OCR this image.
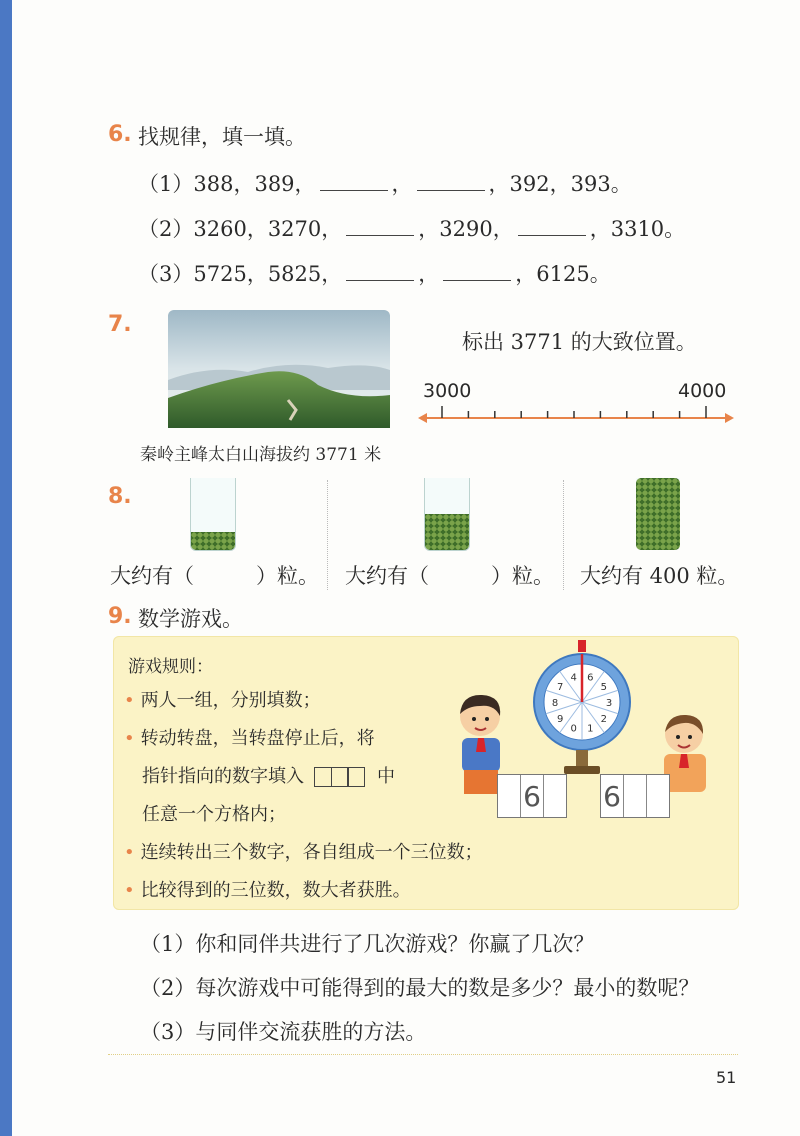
6. 找规律，填一填。
（1）388，389，	，	，392，393。
（2）3260，3270，	，3290，	，3310。
（3）5725，5825，	，	，6125。
7.
标出 3771 的大致位置。
3000	4000
秦岭主峰太白山海拔约 3771 米
8.
大约有（	）粒。 大约有（	）粒。 大约有 400 粒。
9. 数学游戏。
游戏规则：
• 两人一组，分别填数；
• 转动转盘，当转盘停止后，将
指针指向的数字填入	中
任意一个方格内；
• 连续转出三个数字，各自组成一个三位数；
• 比较得到的三位数，数大者获胜。
6
5
3
2
1
0
9
8
7
4
6 6
（1）你和同伴共进行了几次游戏？你赢了几次？
（2）每次游戏中可能得到的最大的数是多少？最小的数呢？
（3）与同伴交流获胜的方法。
51
